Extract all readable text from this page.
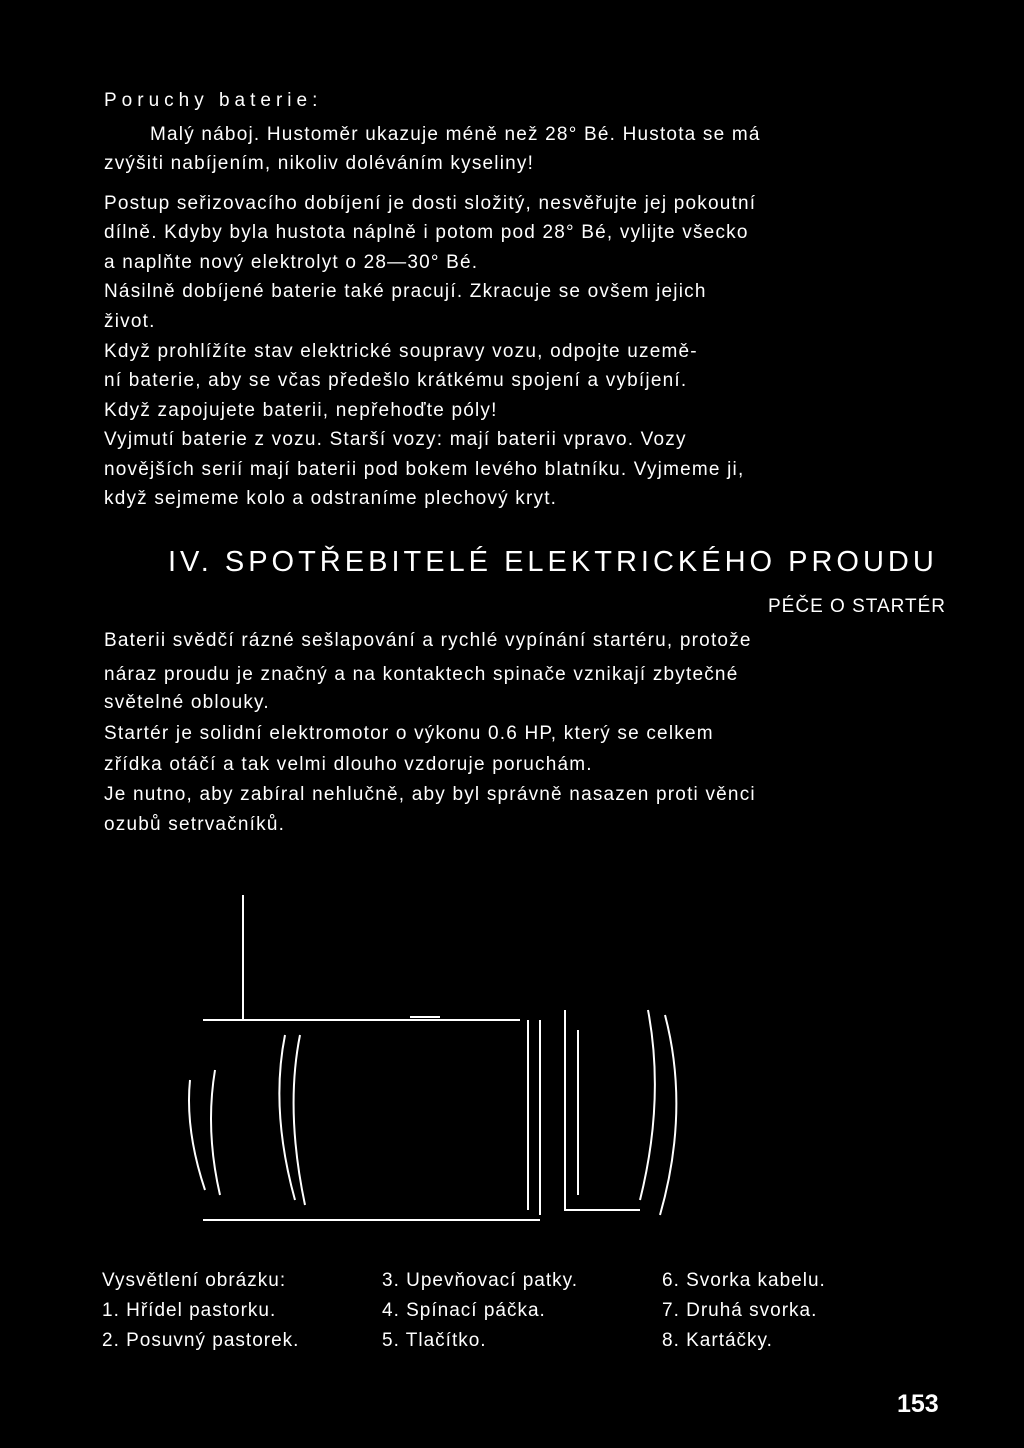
Poruchy baterie:
Malý náboj. Hustoměr ukazuje méně než 28° Bé. Hustota se má
zvýšiti nabíjením, nikoliv doléváním kyseliny!
Postup seřizovacího dobíjení je dosti složitý, nesvěřujte jej pokoutní
dílně. Kdyby byla hustota náplně i potom pod 28° Bé, vylijte všecko
a naplňte nový elektrolyt o 28—30° Bé.
Násilně dobíjené baterie také pracují. Zkracuje se ovšem jejich
život.
Když prohlížíte stav elektrické soupravy vozu, odpojte uzemě-
ní baterie, aby se včas předešlo krátkému spojení a vybíjení.
Když zapojujete baterii, nepřehoďte póly!
Vyjmutí baterie z vozu. Starší vozy: mají baterii vpravo. Vozy
novějších serií mají baterii pod bokem levého blatníku. Vyjmeme ji,
když sejmeme kolo a odstraníme plechový kryt.
IV. SPOTŘEBITELÉ ELEKTRICKÉHO PROUDU
PÉČE O STARTÉR
Baterii svědčí rázné sešlapování a rychlé vypínání startéru, protože
náraz proudu je značný a na kontaktech spinače vznikají zbytečné
světelné oblouky.
Startér je solidní elektromotor o výkonu 0.6 HP, který se celkem
zřídka otáčí a tak velmi dlouho vzdoruje poruchám.
Je nutno, aby zabíral nehlučně, aby byl správně nasazen proti věnci
ozubů setrvačníků.
Vysvětlení obrázku:
1. Hřídel pastorku.
2. Posuvný pastorek.
3. Upevňovací patky.
4. Spínací páčka.
5. Tlačítko.
6. Svorka kabelu.
7. Druhá svorka.
8. Kartáčky.
153
